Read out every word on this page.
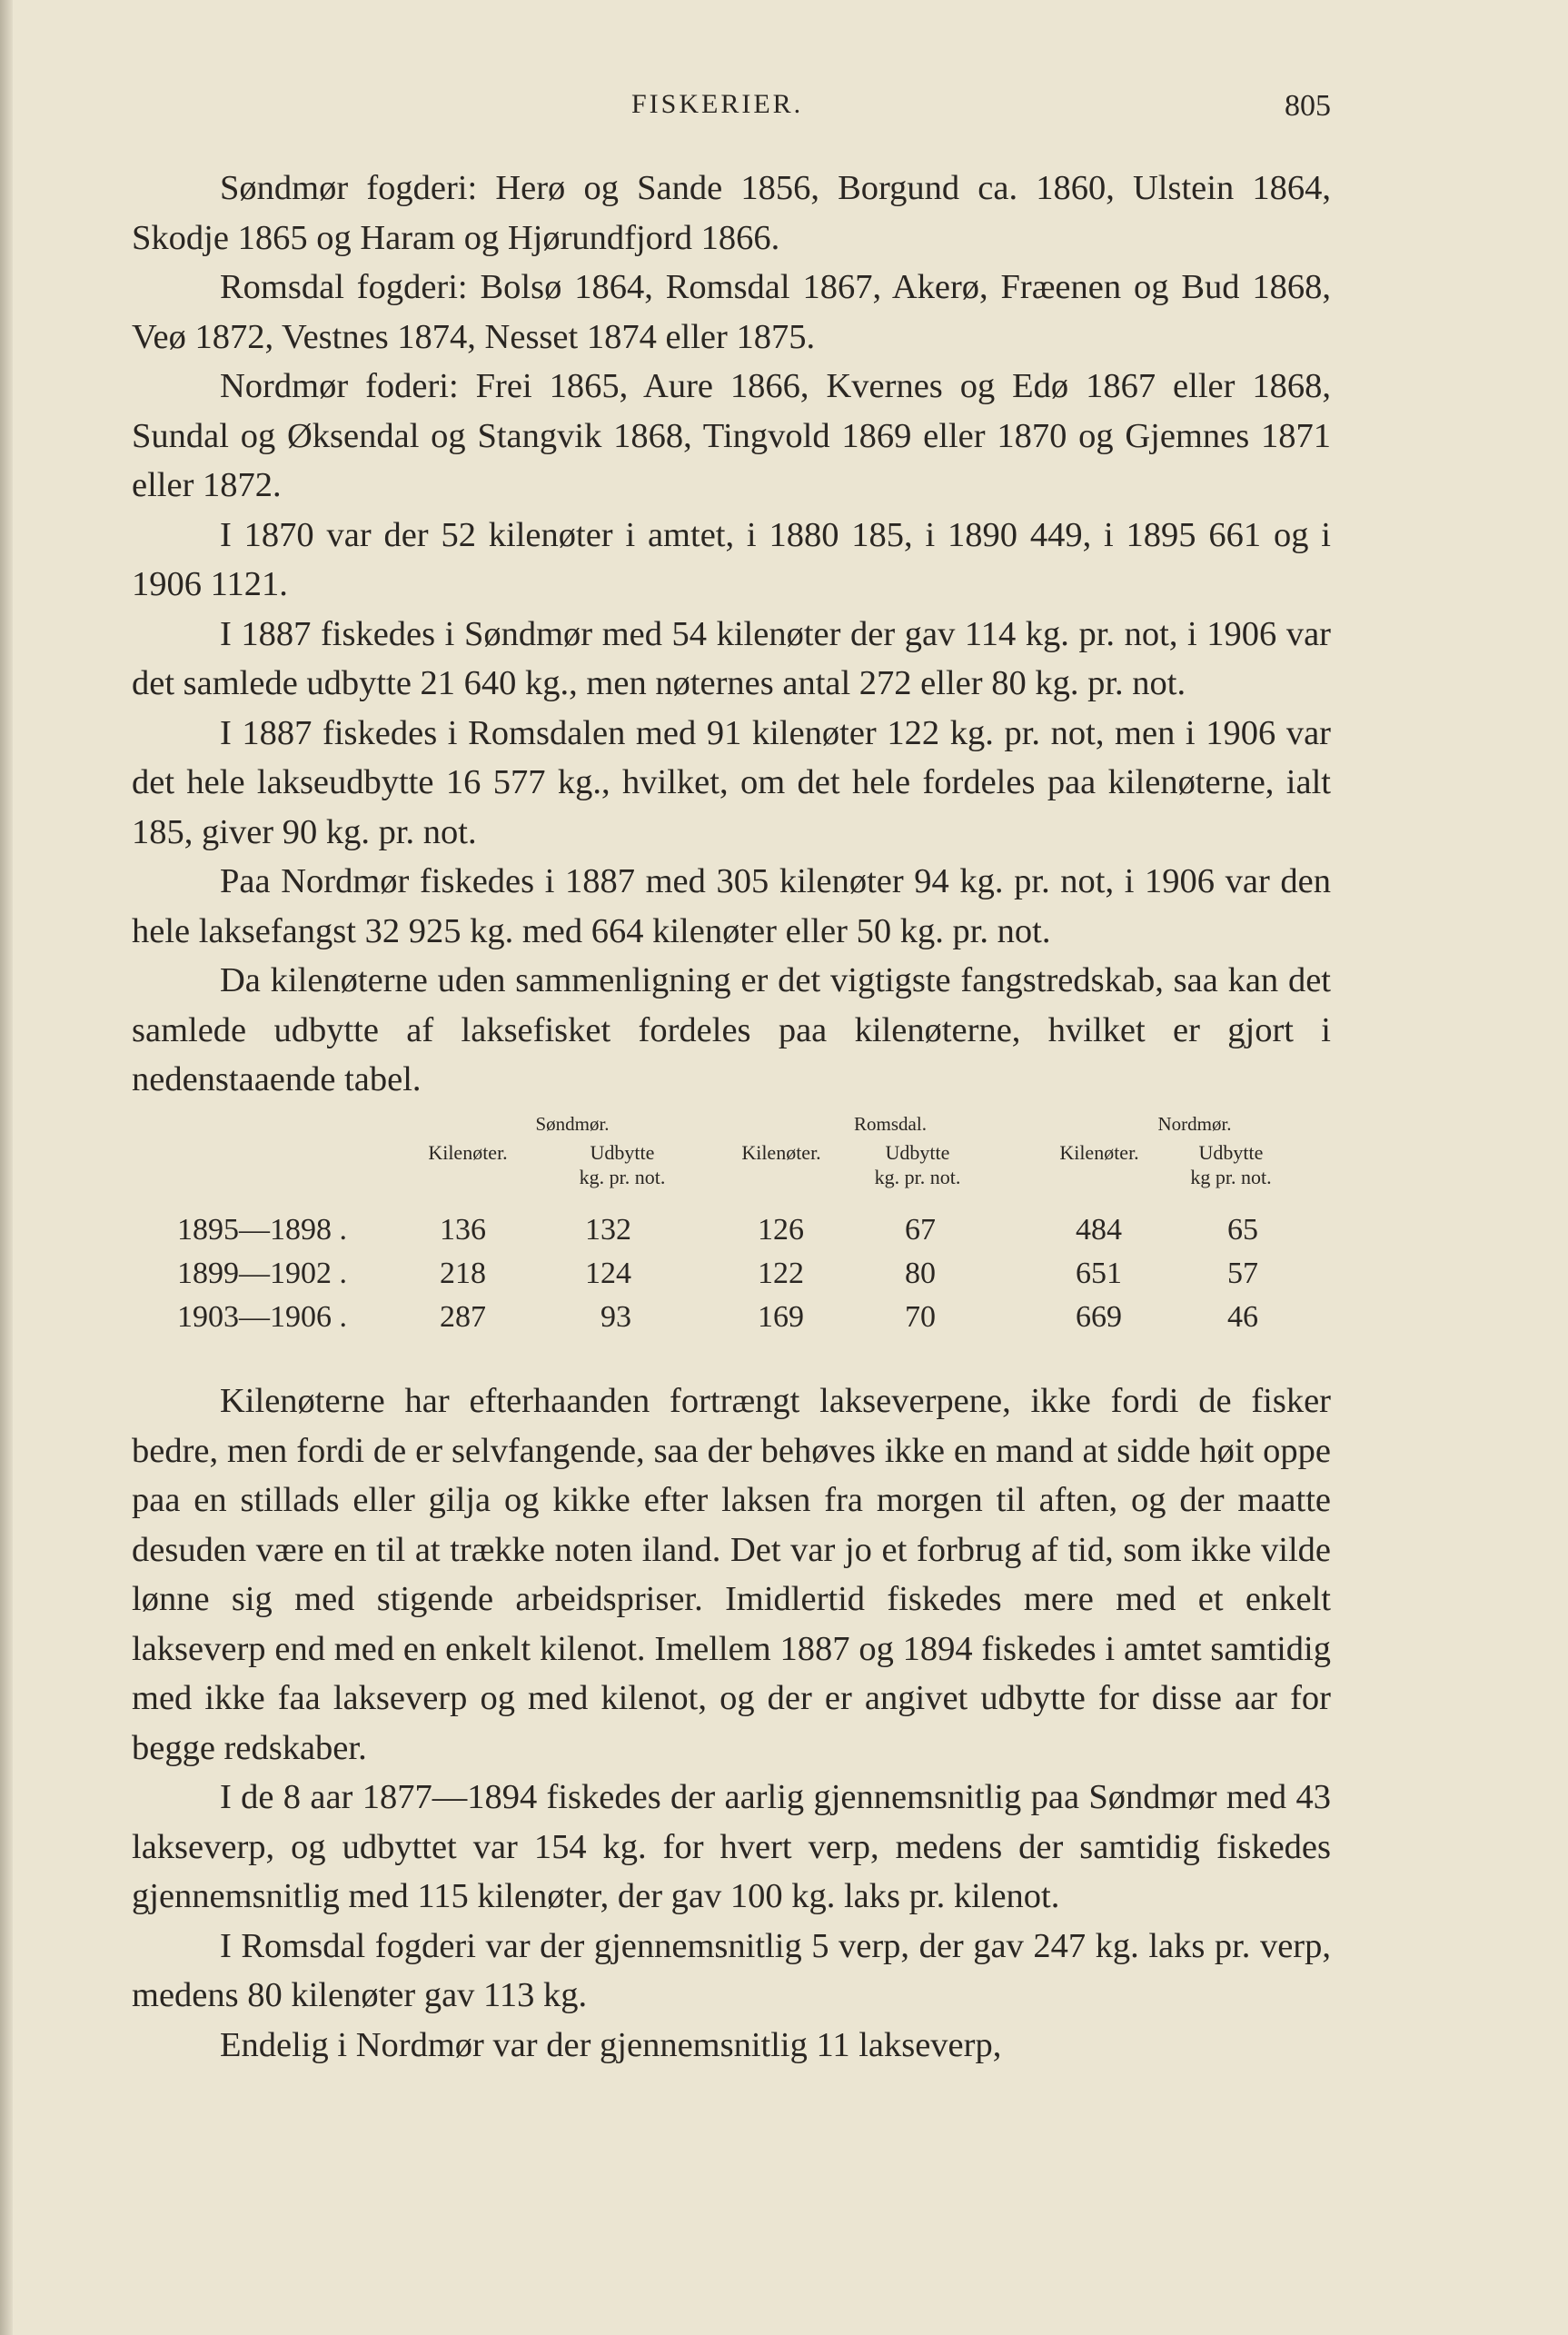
FISKERIER.	805

Søndmør fogderi: Herø og Sande 1856, Borgund ca. 1860, Ulstein 1864, Skodje 1865 og Haram og Hjørundfjord 1866.

Romsdal fogderi: Bolsø 1864, Romsdal 1867, Akerø, Fræenen og Bud 1868, Veø 1872, Vestnes 1874, Nesset 1874 eller 1875.

Nordmør foderi: Frei 1865, Aure 1866, Kvernes og Edø 1867 eller 1868, Sundal og Øksendal og Stangvik 1868, Tingvold 1869 eller 1870 og Gjemnes 1871 eller 1872.

I 1870 var der 52 kilenøter i amtet, i 1880 185, i 1890 449, i 1895 661 og i 1906 1121.

I 1887 fiskedes i Søndmør med 54 kilenøter der gav 114 kg. pr. not, i 1906 var det samlede udbytte 21 640 kg., men nøternes antal 272 eller 80 kg. pr. not.

I 1887 fiskedes i Romsdalen med 91 kilenøter 122 kg. pr. not, men i 1906 var det hele lakseudbytte 16 577 kg., hvilket, om det hele fordeles paa kilenøterne, ialt 185, giver 90 kg. pr. not.

Paa Nordmør fiskedes i 1887 med 305 kilenøter 94 kg. pr. not, i 1906 var den hele laksefangst 32 925 kg. med 664 kilenøter eller 50 kg. pr. not.

Da kilenøterne uden sammenligning er det vigtigste fangstredskab, saa kan det samlede udbytte af laksefisket fordeles paa kilenøterne, hvilket er gjort i nedenstaaende tabel.

Søndmør.	Romsdal.	Nordmør.
Kilenøter.	Udbytte
kg. pr. not.
Kilenøter.	Udbytte
kg. pr. not.
Kilenøter.	Udbytte
kg pr. not.
1895—1898 .	136	132	126	67	484	65
1899—1902 .	218	124	122	80	651	57
1903—1906 .	287	93	169	70	669	46

Kilenøterne har efterhaanden fortrængt lakseverpene, ikke fordi de fisker bedre, men fordi de er selvfangende, saa der behøves ikke en mand at sidde høit oppe paa en stillads eller gilja og kikke efter laksen fra morgen til aften, og der maatte desuden være en til at trække noten iland. Det var jo et forbrug af tid, som ikke vilde lønne sig med stigende arbeidspriser. Imidlertid fiskedes mere med et enkelt lakseverp end med en enkelt kilenot. Imellem 1887 og 1894 fiskedes i amtet samtidig med ikke faa lakseverp og med kilenot, og der er angivet udbytte for disse aar for begge redskaber.

I de 8 aar 1877—1894 fiskedes der aarlig gjennemsnitlig paa Søndmør med 43 lakseverp, og udbyttet var 154 kg. for hvert verp, medens der samtidig fiskedes gjennemsnitlig med 115 kilenøter, der gav 100 kg. laks pr. kilenot.

I Romsdal fogderi var der gjennemsnitlig 5 verp, der gav 247 kg. laks pr. verp, medens 80 kilenøter gav 113 kg.

Endelig i Nordmør var der gjennemsnitlig 11 lakseverp,
